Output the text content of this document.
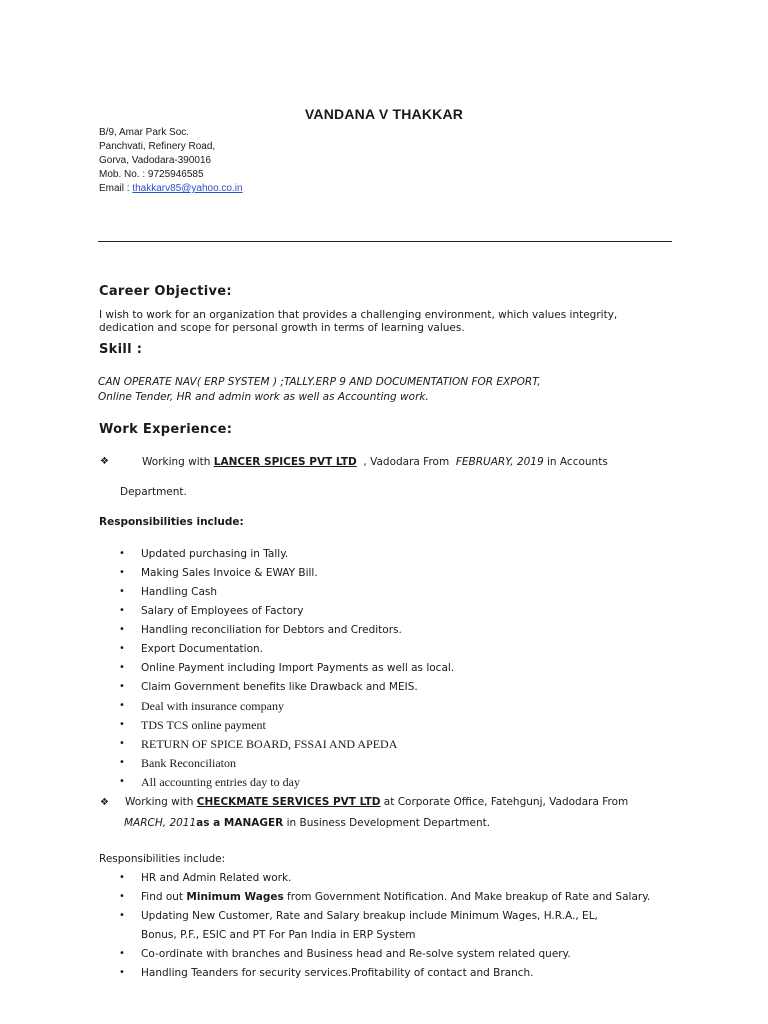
VANDANA V THAKKAR
B/9, Amar Park Soc.
Panchvati, Refinery Road,
Gorva, Vadodara-390016
Mob. No. : 9725946585
Email : thakkarv85@yahoo.co.in
Career Objective:
I wish to work for an organization that provides a challenging environment, which values integrity,
dedication and scope for personal growth in terms of learning values.
Skill :
CAN OPERATE NAV( ERP SYSTEM ) ;TALLY.ERP 9 AND DOCUMENTATION FOR EXPORT,
Online Tender, HR and admin work as well as Accounting work.
Work Experience:
❖	Working with LANCER SPICES PVT LTD  , Vadodara From  FEBRUARY, 2019 in Accounts
Department.
Responsibilities include:
• Updated purchasing in Tally.
• Making Sales Invoice & EWAY Bill.
• Handling Cash
• Salary of Employees of Factory
• Handling reconciliation for Debtors and Creditors.
• Export Documentation.
• Online Payment including Import Payments as well as local.
• Claim Government benefits like Drawback and MEIS.
• Deal with insurance company
• TDS TCS online payment
• RETURN OF SPICE BOARD, FSSAI AND APEDA
• Bank Reconciliaton
• All accounting entries day to day
❖ Working with CHECKMATE SERVICES PVT LTD at Corporate Office, Fatehgunj, Vadodara From
MARCH, 2011as a MANAGER in Business Development Department.
Responsibilities include:
• HR and Admin Related work.
• Find out Minimum Wages from Government Notification. And Make breakup of Rate and Salary.
• Updating New Customer, Rate and Salary breakup include Minimum Wages, H.R.A., EL,
Bonus, P.F., ESIC and PT For Pan India in ERP System
• Co-ordinate with branches and Business head and Re-solve system related query.
• Handling Teanders for security services.Profitability of contact and Branch.
